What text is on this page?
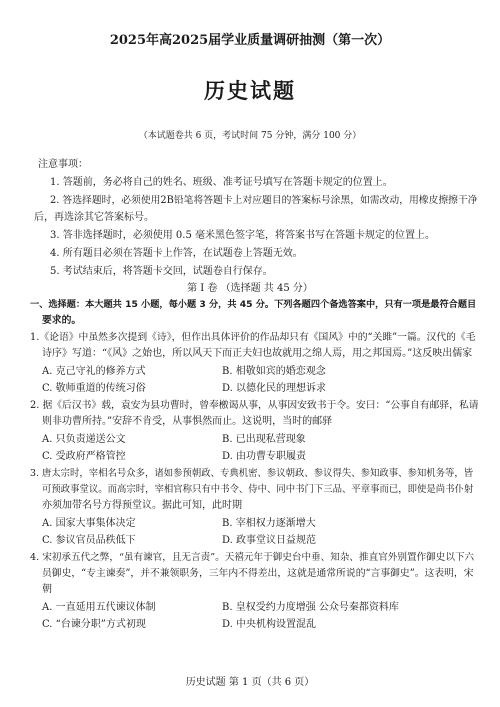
2025年高2025届学业质量调研抽测（第一次）
历史试题
（本试题卷共 6 页，考试时间 75 分钟，满分 100 分）
注意事项：
1. 答题前，务必将自己的姓名、班级、准考证号填写在答题卡规定的位置上。
2. 答选择题时，必须使用2B铅笔将答题卡上对应题目的答案标号涂黑，如需改动，用橡皮擦擦干净
后，再选涂其它答案标号。
3. 答非选择题时，必须使用 0.5 毫米黑色签字笔，将答案书写在答题卡规定的位置上。
4. 所有题目必须在答题卡上作答，在试题卷上答题无效。
5. 考试结束后，将答题卡交回，试题卷自行保存。
第 Ⅰ 卷 （选择题 共 45 分）
一、选择题：本大题共 15 小题，每小题 3 分，共 45 分。下列各题四个备选答案中，只有一项是最符合题目
要求的。
1.《论语》中虽然多次提到《诗》，但作出具体评价的作品却只有《国风》中的“关雎”一篇。汉代的《毛
诗序》写道：“《风》之始也，所以风天下而正夫妇也故就用之绵人焉，用之邦国焉。”这反映出儒家
A. 克己守礼的修养方式	B. 相敬如宾的婚恋观念
C. 敬师重道的传统习俗	D. 以德化民的理想诉求
2. 据《后汉书》载，袁安为县功曹时，曾奉檄谒从事，从事因安致书于令。安曰：“公事自有邮驿，私请
则非功曹所持。”安辞不肯受，从事惧然而止。这说明，当时的邮驿
A. 只负责递送公文	B. 已出现私营现象
C. 受政府严格管控	D. 由功曹专职履责
3. 唐太宗时，宰相名号众多，诸如参预朝政、专典机密、参议朝政、参议得失、参知政事、参知机务等，皆
可预政事堂议。而高宗时，宰相官称只有中书令、侍中、同中书门下三品、平章事而已，即使是尚书仆射
亦须加带名号方得预堂议。据此可知，此时期
A. 国家大事集体决定	B. 宰相权力逐渐增大
C. 参议官员品秩低下	D. 政事堂议日益规范
4. 宋初承五代之弊，“虽有谏官，且无言责”。天禧元年于御史台中垂、知杂、推直官外别置作御史以下六
员御史，“专主谏奏”，并不兼领职务，三年内不得差出，这就是通常所说的“言事御史”。这表明，宋
朝
A. 一直延用五代谏议体制	B. 皇权受约力度增强 公众号秦都资料库
C. “台谏分职”方式初现	D. 中央机构设置混乱
历史试题 第 1 页（共 6 页）
